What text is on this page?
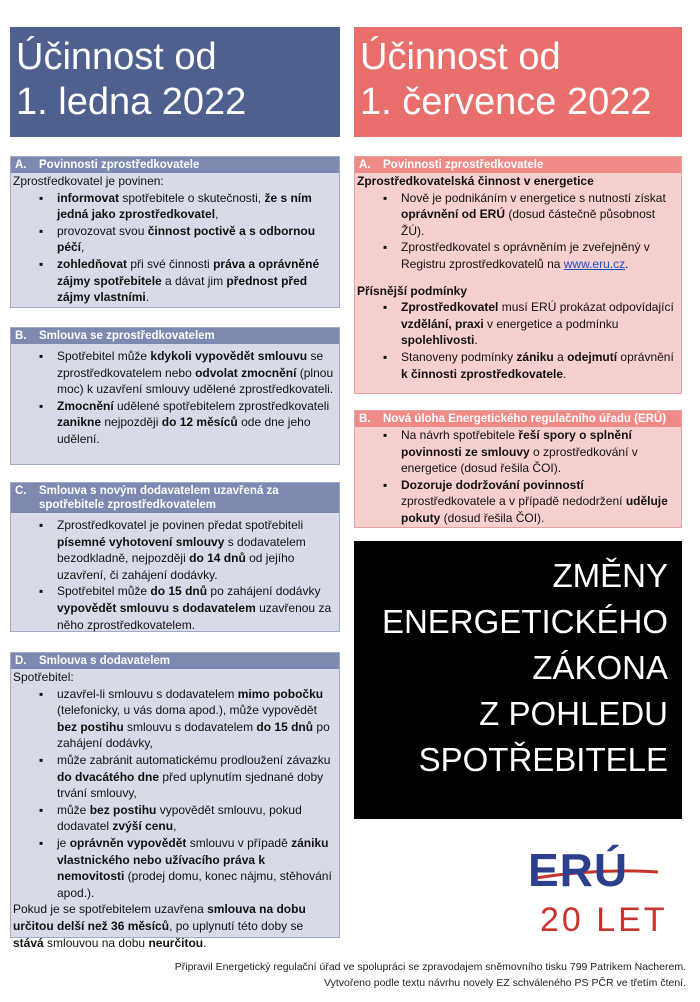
Účinnost od
1. ledna 2022
Účinnost od
1. července 2022
A. Povinnosti zprostředkovatele
Zprostředkovatel je povinen:
▪ informovat spotřebitele o skutečnosti, že s ním jedná jako zprostředkovatel,
▪ provozovat svou činnost poctivě a s odbornou péčí,
▪ zohledňovat při své činnosti práva a oprávněné zájmy spotřebitele a dávat jim přednost před zájmy vlastními.
B. Smlouva se zprostředkovatelem
▪ Spotřebitel může kdykoli vypovědět smlouvu se zprostředkovatelem nebo odvolat zmocnění (plnou moc) k uzavření smlouvy udělené zprostředkovateli.
▪ Zmocnění udělené spotřebitelem zprostředkovateli zanikne nejpozději do 12 měsíců ode dne jeho udělení.
C. Smlouva s novým dodavatelem uzavřená za
spotřebitele zprostředkovatelem
▪ Zprostředkovatel je povinen předat spotřebiteli písemné vyhotovení smlouvy s dodavatelem bezodkladně, nejpozději do 14 dnů od jejího uzavření, či zahájení dodávky.
▪ Spotřebitel může do 15 dnů po zahájení dodávky vypovědět smlouvu s dodavatelem uzavřenou za něho zprostředkovatelem.
D. Smlouva s dodavatelem
Spotřebitel:
▪ uzavřel-li smlouvu s dodavatelem mimo pobočku (telefonicky, u vás doma apod.), může vypovědět bez postihu smlouvu s dodavatelem do 15 dnů po zahájení dodávky,
▪ může zabránit automatickému prodloužení závazku do dvacátého dne před uplynutím sjednané doby trvání smlouvy,
▪ může bez postihu vypovědět smlouvu, pokud dodavatel zvýší cenu,
▪ je oprávněn vypovědět smlouvu v případě zániku vlastnického nebo užívacího práva k nemovitosti (prodej domu, konec nájmu, stěhování apod.).
Pokud je se spotřebitelem uzavřena smlouva na dobu určitou delší než 36 měsíců, po uplynutí této doby se stává smlouvou na dobu neurčitou.
A. Povinnosti zprostředkovatele
Zprostředkovatelská činnost v energetice
▪ Nově je podnikáním v energetice s nutností získat oprávnění od ERÚ (dosud částečně působnost ŽÚ).
▪ Zprostředkovatel s oprávněním je zveřejněný v Registru zprostředkovatelů na www.eru.cz.
Přísnější podmínky
▪ Zprostředkovatel musí ERÚ prokázat odpovídající vzdělání, praxi v energetice a podmínku spolehlivosti.
▪ Stanoveny podmínky zániku a odejmutí oprávnění k činnosti zprostředkovatele.
B. Nová úloha Energetického regulačního úřadu (ERÚ)
▪ Na návrh spotřebitele řeší spory o splnění povinnosti ze smlouvy o zprostředkování v energetice (dosud řešila ČOI).
▪ Dozoruje dodržování povinností zprostředkovatele a v případě nedodržení uděluje pokuty (dosud řešila ČOI).
ZMĚNY
ENERGETICKÉHO
ZÁKONA
Z POHLEDU
SPOTŘEBITELE
ERÚ
20 LET
Připravil Energetický regulační úřad ve spolupráci se zpravodajem sněmovního tisku 799 Patrikem Nacherem.
Vytvořeno podle textu návrhu novely EZ schváleného PS PČR ve třetím čtení.
